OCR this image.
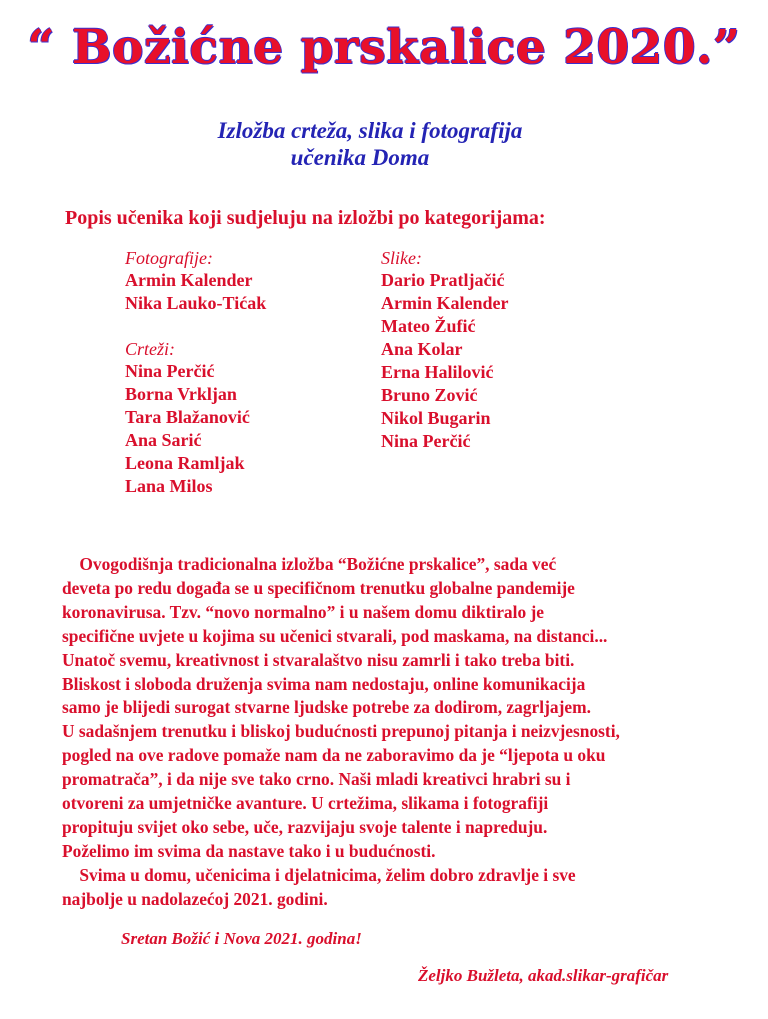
“ Božićne prskalice 2020.”
Izložba crteža, slika i fotografija
učenika Doma
Popis učenika koji sudjeluju na izložbi po kategorijama:
Fotografije:
Armin Kalender
Nika Lauko-Tićak
Crteži:
Nina Perčić
Borna Vrkljan
Tara Blažanović
Ana Sarić
Leona Ramljak
Lana Milos
Slike:
Dario Pratljačić
Armin Kalender
Mateo Žufić
Ana Kolar
Erna Halilović
Bruno Zović
Nikol Bugarin
Nina Perčić
Ovogodišnja tradicionalna izložba “Božićne prskalice”, sada već
deveta po redu događa se u specifičnom trenutku globalne pandemije
koronavirusa. Tzv. “novo normalno” i u našem domu diktiralo je
specifične uvjete u kojima su učenici stvarali, pod maskama, na distanci...
Unatoč svemu, kreativnost i stvaralaštvo nisu zamrli i tako treba biti.
Bliskost i sloboda druženja svima nam nedostaju, online komunikacija
samo je blijedi surogat stvarne ljudske potrebe za dodirom, zagrljajem.
U sadašnjem trenutku i bliskoj budućnosti prepunoj pitanja i neizvjesnosti,
pogled na ove radove pomaže nam da ne zaboravimo da je “ljepota u oku
promatrača”, i da nije sve tako crno. Naši mladi kreativci hrabri su i
otvoreni za umjetničke avanture. U crtežima, slikama i fotografiji
propituju svijet oko sebe, uče, razvijaju svoje talente i napreduju.
Poželimo im svima da nastave tako i u budućnosti.
Svima u domu, učenicima i djelatnicima, želim dobro zdravlje i sve
najbolje u nadolazećoj 2021. godini.
Sretan Božić i Nova 2021. godina!
Željko Bužleta, akad.slikar-grafičar
